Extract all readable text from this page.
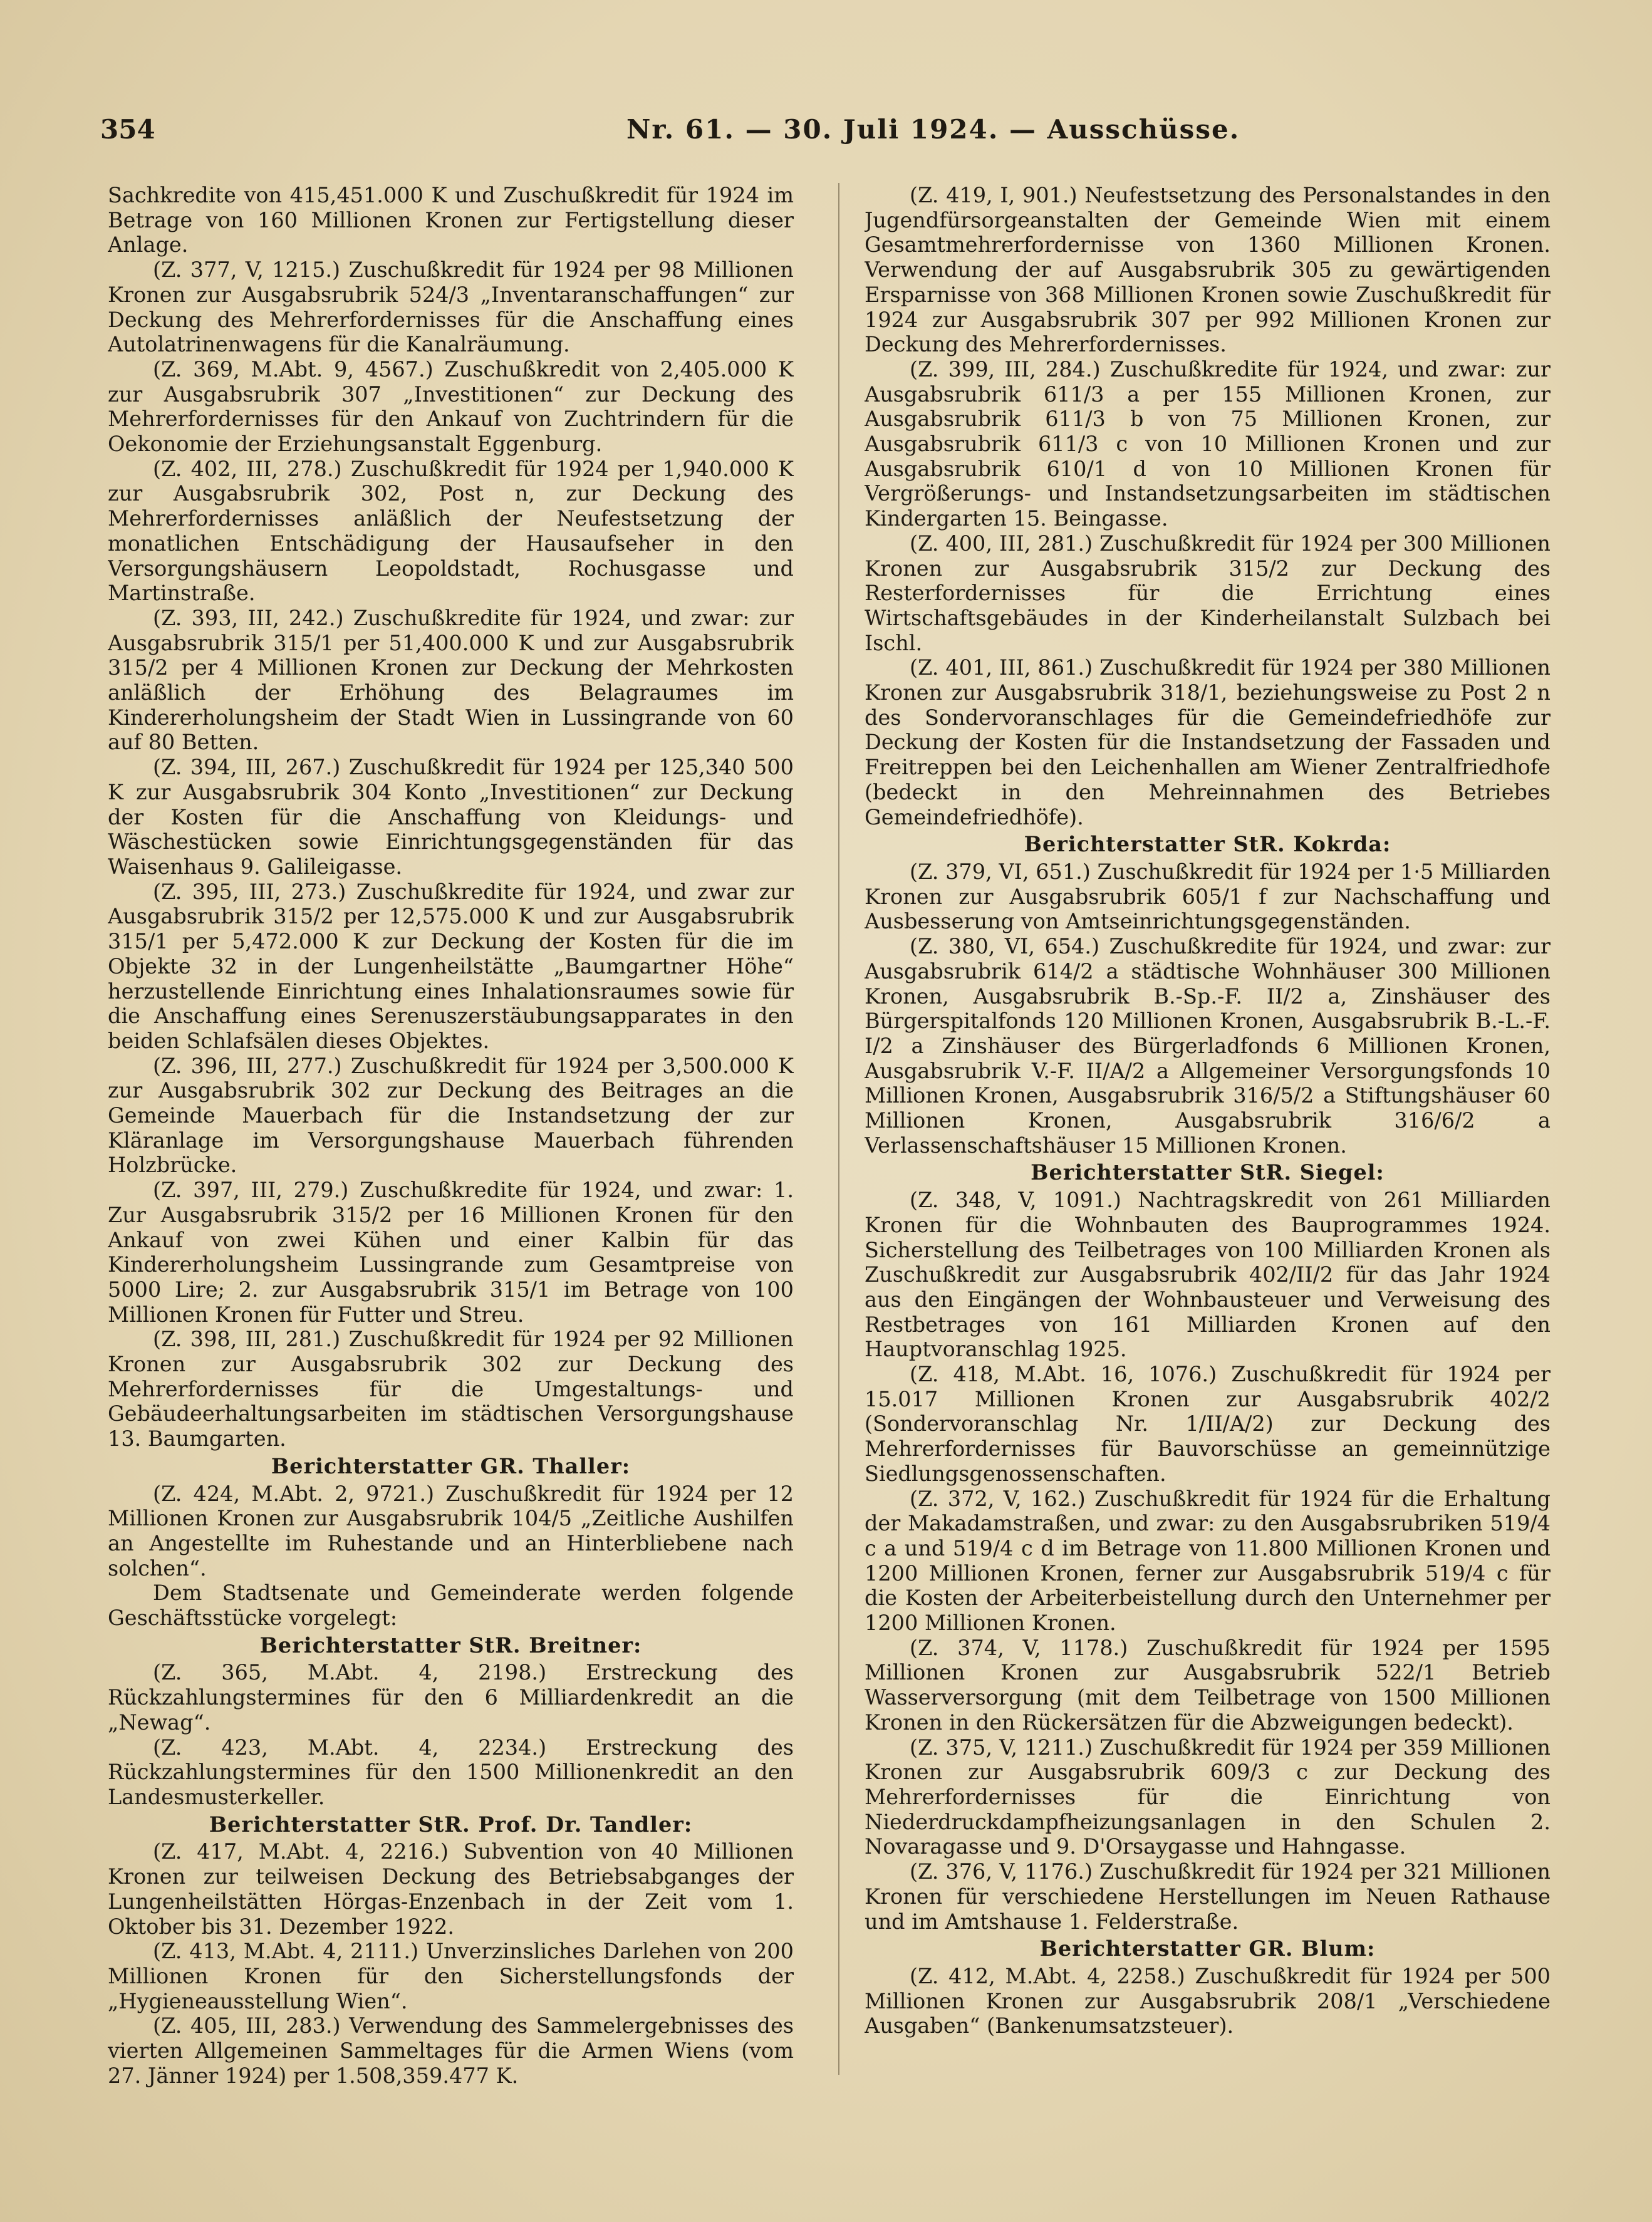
354	Nr. 61. — 30. Juli 1924. — Ausschüsse.

Sachkredite von 415,451.000 K und Zuschußkredit für 1924 im Betrage von 160 Millionen Kronen zur Fertigstellung dieser Anlage.

(Z. 377, V, 1215.) Zuschußkredit für 1924 per 98 Millionen Kronen zur Ausgabsrubrik 524/3 „Inventaranschaffungen“ zur Deckung des Mehrerfordernisses für die Anschaffung eines Autolatrinenwagens für die Kanalräumung.

(Z. 369, M.Abt. 9, 4567.) Zuschußkredit von 2,405.000 K zur Ausgabsrubrik 307 „Investitionen“ zur Deckung des Mehrerfordernisses für den Ankauf von Zuchtrindern für die Oekonomie der Erziehungsanstalt Eggenburg.

(Z. 402, III, 278.) Zuschußkredit für 1924 per 1,940.000 K zur Ausgabsrubrik 302, Post n, zur Deckung des Mehrerfordernisses anläßlich der Neufestsetzung der monatlichen Entschädigung der Hausaufseher in den Versorgungshäusern Leopoldstadt, Rochusgasse und Martinstraße.

(Z. 393, III, 242.) Zuschußkredite für 1924, und zwar: zur Ausgabsrubrik 315/1 per 51,400.000 K und zur Ausgabsrubrik 315/2 per 4 Millionen Kronen zur Deckung der Mehrkosten anläßlich der Erhöhung des Belagraumes im Kindererholungsheim der Stadt Wien in Lussingrande von 60 auf 80 Betten.

(Z. 394, III, 267.) Zuschußkredit für 1924 per 125,340 500 K zur Ausgabsrubrik 304 Konto „Investitionen“ zur Deckung der Kosten für die Anschaffung von Kleidungs- und Wäschestücken sowie Einrichtungsgegenständen für das Waisenhaus 9. Galileigasse.

(Z. 395, III, 273.) Zuschußkredite für 1924, und zwar zur Ausgabsrubrik 315/2 per 12,575.000 K und zur Ausgabsrubrik 315/1 per 5,472.000 K zur Deckung der Kosten für die im Objekte 32 in der Lungenheilstätte „Baumgartner Höhe“ herzustellende Einrichtung eines Inhalationsraumes sowie für die Anschaffung eines Serenuszerstäubungsapparates in den beiden Schlafsälen dieses Objektes.

(Z. 396, III, 277.) Zuschußkredit für 1924 per 3,500.000 K zur Ausgabsrubrik 302 zur Deckung des Beitrages an die Gemeinde Mauerbach für die Instandsetzung der zur Kläranlage im Versorgungshause Mauerbach führenden Holzbrücke.

(Z. 397, III, 279.) Zuschußkredite für 1924, und zwar: 1. Zur Ausgabsrubrik 315/2 per 16 Millionen Kronen für den Ankauf von zwei Kühen und einer Kalbin für das Kindererholungsheim Lussingrande zum Gesamtpreise von 5000 Lire; 2. zur Ausgabsrubrik 315/1 im Betrage von 100 Millionen Kronen für Futter und Streu.

(Z. 398, III, 281.) Zuschußkredit für 1924 per 92 Millionen Kronen zur Ausgabsrubrik 302 zur Deckung des Mehrerfordernisses für die Umgestaltungs- und Gebäudeerhaltungsarbeiten im städtischen Versorgungshause 13. Baumgarten.

Berichterstatter GR. Thaller:

(Z. 424, M.Abt. 2, 9721.) Zuschußkredit für 1924 per 12 Millionen Kronen zur Ausgabsrubrik 104/5 „Zeitliche Aushilfen an Angestellte im Ruhestande und an Hinterbliebene nach solchen“.

Dem Stadtsenate und Gemeinderate werden folgende Geschäftsstücke vorgelegt:

Berichterstatter StR. Breitner:

(Z. 365, M.Abt. 4, 2198.) Erstreckung des Rückzahlungstermines für den 6 Milliardenkredit an die „Newag“.

(Z. 423, M.Abt. 4, 2234.) Erstreckung des Rückzahlungstermines für den 1500 Millionenkredit an den Landesmusterkeller.

Berichterstatter StR. Prof. Dr. Tandler:

(Z. 417, M.Abt. 4, 2216.) Subvention von 40 Millionen Kronen zur teilweisen Deckung des Betriebsabganges der Lungenheilstätten Hörgas-Enzenbach in der Zeit vom 1. Oktober bis 31. Dezember 1922.

(Z. 413, M.Abt. 4, 2111.) Unverzinsliches Darlehen von 200 Millionen Kronen für den Sicherstellungsfonds der „Hygieneausstellung Wien“.

(Z. 405, III, 283.) Verwendung des Sammelergebnisses des vierten Allgemeinen Sammeltages für die Armen Wiens (vom 27. Jänner 1924) per 1.508,359.477 K.

(Z. 419, I, 901.) Neufestsetzung des Personalstandes in den Jugendfürsorgeanstalten der Gemeinde Wien mit einem Gesamtmehrerfordernisse von 1360 Millionen Kronen. Verwendung der auf Ausgabsrubrik 305 zu gewärtigenden Ersparnisse von 368 Millionen Kronen sowie Zuschußkredit für 1924 zur Ausgabsrubrik 307 per 992 Millionen Kronen zur Deckung des Mehrerfordernisses.

(Z. 399, III, 284.) Zuschußkredite für 1924, und zwar: zur Ausgabsrubrik 611/3 a per 155 Millionen Kronen, zur Ausgabsrubrik 611/3 b von 75 Millionen Kronen, zur Ausgabsrubrik 611/3 c von 10 Millionen Kronen und zur Ausgabsrubrik 610/1 d von 10 Millionen Kronen für Vergrößerungs- und Instandsetzungsarbeiten im städtischen Kindergarten 15. Beingasse.

(Z. 400, III, 281.) Zuschußkredit für 1924 per 300 Millionen Kronen zur Ausgabsrubrik 315/2 zur Deckung des Resterfordernisses für die Errichtung eines Wirtschaftsgebäudes in der Kinderheilanstalt Sulzbach bei Ischl.

(Z. 401, III, 861.) Zuschußkredit für 1924 per 380 Millionen Kronen zur Ausgabsrubrik 318/1, beziehungsweise zu Post 2 n des Sondervoranschlages für die Gemeindefriedhöfe zur Deckung der Kosten für die Instandsetzung der Fassaden und Freitreppen bei den Leichenhallen am Wiener Zentralfriedhofe (bedeckt in den Mehreinnahmen des Betriebes Gemeindefriedhöfe).

Berichterstatter StR. Kokrda:

(Z. 379, VI, 651.) Zuschußkredit für 1924 per 1·5 Milliarden Kronen zur Ausgabsrubrik 605/1 f zur Nachschaffung und Ausbesserung von Amtseinrichtungsgegenständen.

(Z. 380, VI, 654.) Zuschußkredite für 1924, und zwar: zur Ausgabsrubrik 614/2 a städtische Wohnhäuser 300 Millionen Kronen, Ausgabsrubrik B.-Sp.-F. II/2 a, Zinshäuser des Bürgerspitalfonds 120 Millionen Kronen, Ausgabsrubrik B.-L.-F. I/2 a Zinshäuser des Bürgerladfonds 6 Millionen Kronen, Ausgabsrubrik V.-F. II/A/2 a Allgemeiner Versorgungsfonds 10 Millionen Kronen, Ausgabsrubrik 316/5/2 a Stiftungshäuser 60 Millionen Kronen, Ausgabsrubrik 316/6/2 a Verlassenschaftshäuser 15 Millionen Kronen.

Berichterstatter StR. Siegel:

(Z. 348, V, 1091.) Nachtragskredit von 261 Milliarden Kronen für die Wohnbauten des Bauprogrammes 1924. Sicherstellung des Teilbetrages von 100 Milliarden Kronen als Zuschußkredit zur Ausgabsrubrik 402/II/2 für das Jahr 1924 aus den Eingängen der Wohnbausteuer und Verweisung des Restbetrages von 161 Milliarden Kronen auf den Hauptvoranschlag 1925.

(Z. 418, M.Abt. 16, 1076.) Zuschußkredit für 1924 per 15.017 Millionen Kronen zur Ausgabsrubrik 402/2 (Sondervoranschlag Nr. 1/II/A/2) zur Deckung des Mehrerfordernisses für Bauvorschüsse an gemeinnützige Siedlungsgenossenschaften.

(Z. 372, V, 162.) Zuschußkredit für 1924 für die Erhaltung der Makadamstraßen, und zwar: zu den Ausgabsrubriken 519/4 c a und 519/4 c d im Betrage von 11.800 Millionen Kronen und 1200 Millionen Kronen, ferner zur Ausgabsrubrik 519/4 c für die Kosten der Arbeiterbeistellung durch den Unternehmer per 1200 Millionen Kronen.

(Z. 374, V, 1178.) Zuschußkredit für 1924 per 1595 Millionen Kronen zur Ausgabsrubrik 522/1 Betrieb Wasserversorgung (mit dem Teilbetrage von 1500 Millionen Kronen in den Rückersätzen für die Abzweigungen bedeckt).

(Z. 375, V, 1211.) Zuschußkredit für 1924 per 359 Millionen Kronen zur Ausgabsrubrik 609/3 c zur Deckung des Mehrerfordernisses für die Einrichtung von Niederdruckdampfheizungsanlagen in den Schulen 2. Novaragasse und 9. D'Orsaygasse und Hahngasse.

(Z. 376, V, 1176.) Zuschußkredit für 1924 per 321 Millionen Kronen für verschiedene Herstellungen im Neuen Rathause und im Amtshause 1. Felderstraße.

Berichterstatter GR. Blum:

(Z. 412, M.Abt. 4, 2258.) Zuschußkredit für 1924 per 500 Millionen Kronen zur Ausgabsrubrik 208/1 „Verschiedene Ausgaben“ (Bankenumsatzsteuer).
